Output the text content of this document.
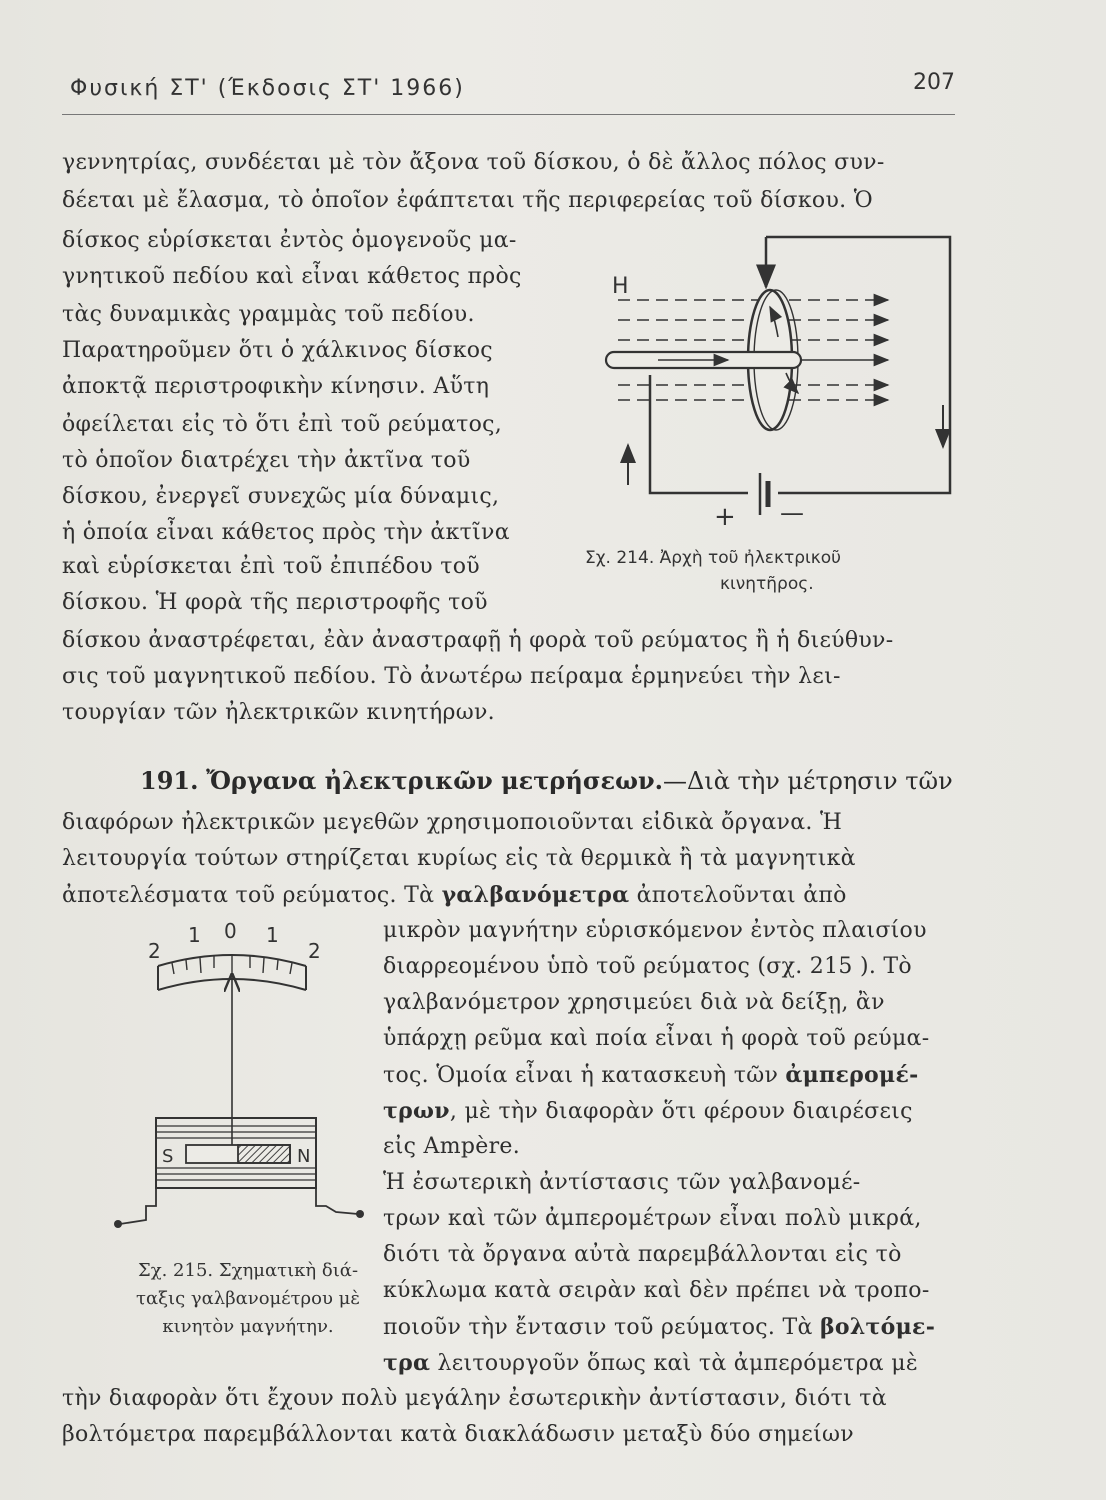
Φυσική ΣΤ' (Έκδοσις ΣΤ' 1966)	207
γεννητρίας, συνδέεται μὲ τὸν ἄξονα τοῦ δίσκου, ὁ δὲ ἄλλος πόλος συν-
δέεται μὲ ἔλασμα, τὸ ὁποῖον ἐφάπτεται τῆς περιφερείας τοῦ δίσκου. Ὁ
δίσκος εὑρίσκεται ἐντὸς ὁμογενοῦς μα-
γνητικοῦ πεδίου καὶ εἶναι κάθετος πρὸς
τὰς δυναμικὰς γραμμὰς τοῦ πεδίου.
Παρατηροῦμεν ὅτι ὁ χάλκινος δίσκος
ἀποκτᾷ περιστροφικὴν κίνησιν. Αὕτη
ὀφείλεται εἰς τὸ ὅτι ἐπὶ τοῦ ρεύματος,
τὸ ὁποῖον διατρέχει τὴν ἀκτῖνα τοῦ
δίσκου, ἐνεργεῖ συνεχῶς μία δύναμις,
ἡ ὁποία εἶναι κάθετος πρὸς τὴν ἀκτῖνα
καὶ εὑρίσκεται ἐπὶ τοῦ ἐπιπέδου τοῦ
δίσκου. Ἡ φορὰ τῆς περιστροφῆς τοῦ
δίσκου ἀναστρέφεται, ἐὰν ἀναστραφῇ ἡ φορὰ τοῦ ρεύματος ἢ ἡ διεύθυν-
σις τοῦ μαγνητικοῦ πεδίου. Τὸ ἀνωτέρω πείραμα ἑρμηνεύει τὴν λει-
τουργίαν τῶν ἠλεκτρικῶν κινητήρων.
H
+ —
Σχ. 214. Ἀρχὴ τοῦ ἠλεκτρικοῦ
κινητῆρος.
191. Ὄργανα ἠλεκτρικῶν μετρήσεων.—Διὰ τὴν μέτρησιν τῶν
διαφόρων ἠλεκτρικῶν μεγεθῶν χρησιμοποιοῦνται εἰδικὰ ὄργανα. Ἡ
λειτουργία τούτων στηρίζεται κυρίως εἰς τὰ θερμικὰ ἢ τὰ μαγνητικὰ
ἀποτελέσματα τοῦ ρεύματος. Τὰ γαλβανόμετρα ἀποτελοῦνται ἀπὸ
μικρὸν μαγνήτην εὑρισκόμενον ἐντὸς πλαισίου
διαρρεομένου ὑπὸ τοῦ ρεύματος (σχ. 215 ). Τὸ
γαλβανόμετρον χρησιμεύει διὰ νὰ δείξῃ, ἂν
ὑπάρχῃ ρεῦμα καὶ ποία εἶναι ἡ φορὰ τοῦ ρεύμα-
τος. Ὁμοία εἶναι ἡ κατασκευὴ τῶν ἀμπερομέ-
τρων, μὲ τὴν διαφορὰν ὅτι φέρουν διαιρέσεις
εἰς Ampère.
Ἡ ἐσωτερικὴ ἀντίστασις τῶν γαλβανομέ-
τρων καὶ τῶν ἀμπερομέτρων εἶναι πολὺ μικρά,
διότι τὰ ὄργανα αὐτὰ παρεμβάλλονται εἰς τὸ
κύκλωμα κατὰ σειρὰν καὶ δὲν πρέπει νὰ τροπο-
ποιοῦν τὴν ἔντασιν τοῦ ρεύματος. Τὰ βολτόμε-
τρα λειτουργοῦν ὅπως καὶ τὰ ἀμπερόμετρα μὲ
τὴν διαφορὰν ὅτι ἔχουν πολὺ μεγάλην ἐσωτερικὴν ἀντίστασιν, διότι τὰ
βολτόμετρα παρεμβάλλονται κατὰ διακλάδωσιν μεταξὺ δύο σημείων
2
1 0 1
2
S	N
Σχ. 215. Σχηματικὴ διά-
ταξις γαλβανομέτρου μὲ
κινητὸν μαγνήτην.
